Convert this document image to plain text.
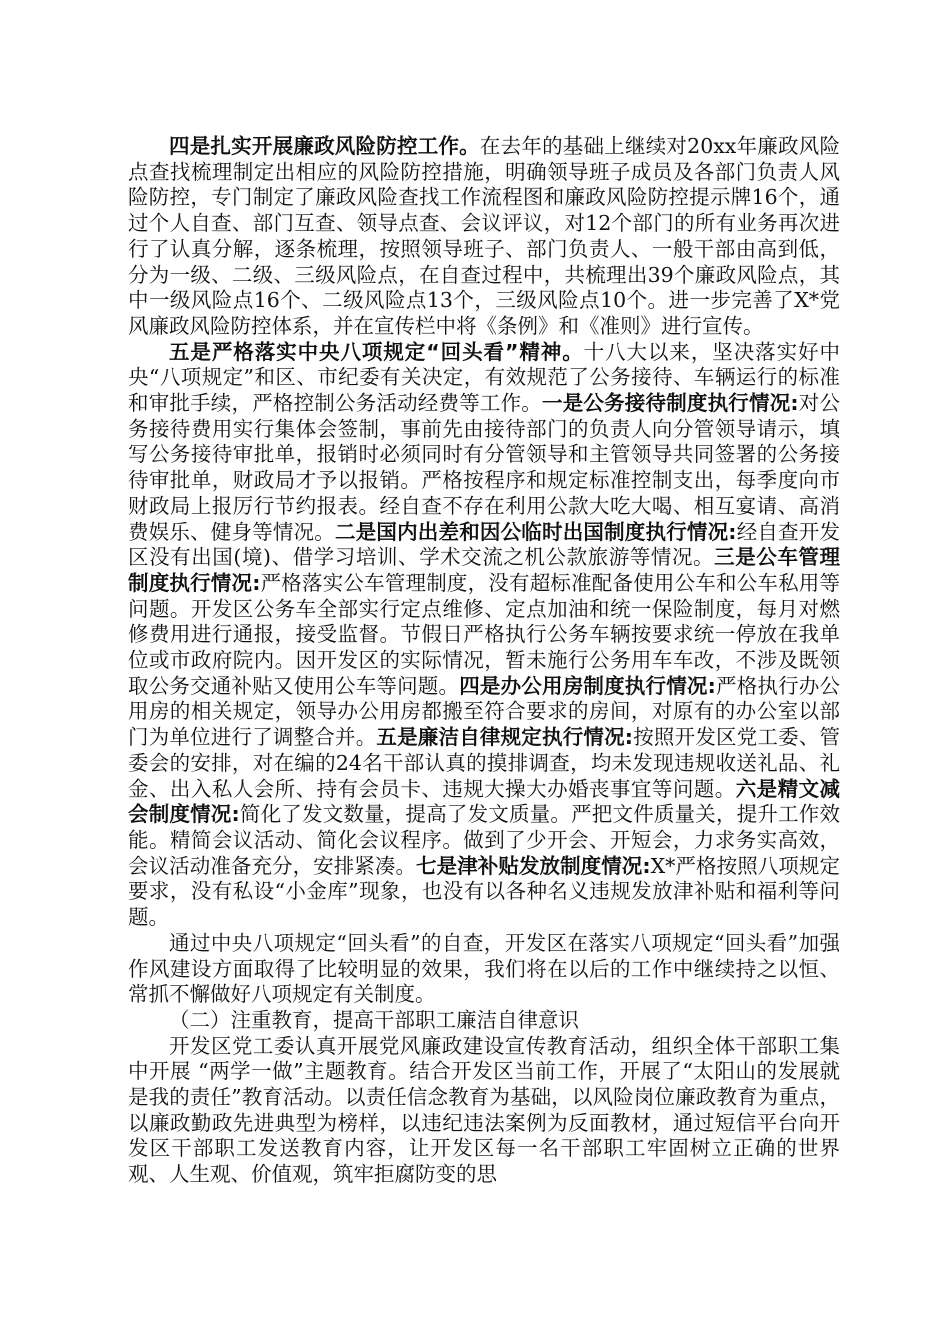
四是扎实开展廉政风险防控工作。在去年的基础上继续对20xx年廉政风险点查找梳理制定出相应的风险防控措施，明确领导班子成员及各部门负责人风险防控，专门制定了廉政风险查找工作流程图和廉政风险防控提示牌16个，通过个人自查、部门互查、领导点查、会议评议，对12个部门的所有业务再次进行了认真分解，逐条梳理，按照领导班子、部门负责人、一般干部由高到低，分为一级、二级、三级风险点，在自查过程中，共梳理出39个廉政风险点，其中一级风险点16个、二级风险点13个，三级风险点10个。进一步完善了X*党风廉政风险防控体系，并在宣传栏中将《条例》和《准则》进行宣传。

五是严格落实中央八项规定“回头看”精神。十八大以来，坚决落实好中央“八项规定”和区、市纪委有关决定，有效规范了公务接待、车辆运行的标准和审批手续，严格控制公务活动经费等工作。一是公务接待制度执行情况:对公务接待费用实行集体会签制，事前先由接待部门的负责人向分管领导请示，填写公务接待审批单，报销时必须同时有分管领导和主管领导共同签署的公务接待审批单，财政局才予以报销。严格按程序和规定标准控制支出，每季度向市财政局上报厉行节约报表。经自查不存在利用公款大吃大喝、相互宴请、高消费娱乐、健身等情况。二是国内出差和因公临时出国制度执行情况:经自查开发区没有出国(境)、借学习培训、学术交流之机公款旅游等情况。三是公车管理制度执行情况:严格落实公车管理制度，没有超标准配备使用公车和公车私用等问题。开发区公务车全部实行定点维修、定点加油和统一保险制度，每月对燃修费用进行通报，接受监督。节假日严格执行公务车辆按要求统一停放在我单位或市政府院内。因开发区的实际情况，暂未施行公务用车车改，不涉及既领取公务交通补贴又使用公车等问题。四是办公用房制度执行情况:严格执行办公用房的相关规定，领导办公用房都搬至符合要求的房间，对原有的办公室以部门为单位进行了调整合并。五是廉洁自律规定执行情况:按照开发区党工委、管委会的安排，对在编的24名干部认真的摸排调查，均未发现违规收送礼品、礼金、出入私人会所、持有会员卡、违规大操大办婚丧事宜等问题。六是精文减会制度情况:简化了发文数量，提高了发文质量。严把文件质量关，提升工作效能。精简会议活动、简化会议程序。做到了少开会、开短会，力求务实高效，会议活动准备充分，安排紧凑。七是津补贴发放制度情况:X*严格按照八项规定要求，没有私设“小金库”现象，也没有以各种名义违规发放津补贴和福利等问题。

通过中央八项规定“回头看”的自查，开发区在落实八项规定“回头看”加强作风建设方面取得了比较明显的效果，我们将在以后的工作中继续持之以恒、常抓不懈做好八项规定有关制度。

（二）注重教育，提高干部职工廉洁自律意识

开发区党工委认真开展党风廉政建设宣传教育活动，组织全体干部职工集中开展 “两学一做”主题教育。结合开发区当前工作，开展了“太阳山的发展就是我的责任”教育活动。以责任信念教育为基础，以风险岗位廉政教育为重点，以廉政勤政先进典型为榜样，以违纪违法案例为反面教材，通过短信平台向开发区干部职工发送教育内容，让开发区每一名干部职工牢固树立正确的世界观、人生观、价值观，筑牢拒腐防变的思
